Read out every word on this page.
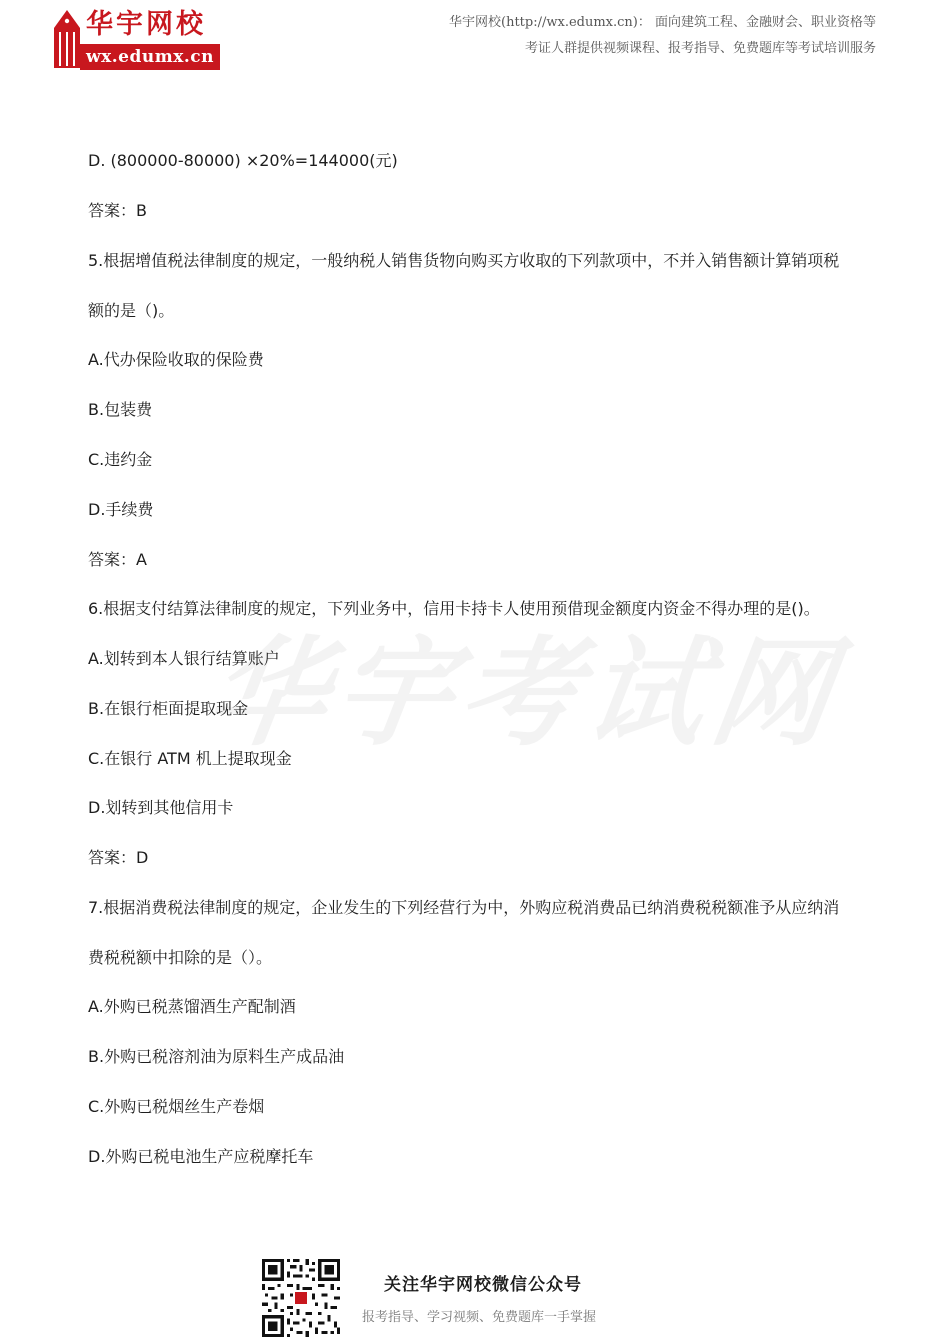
华宇网校
wx.edumx.cn
华宇网校(http://wx.edumx.cn)： 面向建筑工程、金融财会、职业资格等
考证人群提供视频课程、报考指导、免费题库等考试培训服务
D. (800000-80000) ×20%=144000(元)
答案：B
5.根据增值税法律制度的规定，一般纳税人销售货物向购买方收取的下列款项中，不并入销售额计算销项税
额的是（)。
A.代办保险收取的保险费
B.包装费
C.违约金
D.手续费
答案：A
6.根据支付结算法律制度的规定，下列业务中，信用卡持卡人使用预借现金额度内资金不得办理的是()。
A.划转到本人银行结算账户
B.在银行柜面提取现金
C.在银行 ATM 机上提取现金
D.划转到其他信用卡
答案：D
7.根据消费税法律制度的规定，企业发生的下列经营行为中，外购应税消费品已纳消费税税额准予从应纳消
费税税额中扣除的是（）。
A.外购已税蒸馏酒生产配制酒
B.外购已税溶剂油为原料生产成品油
C.外购已税烟丝生产卷烟
D.外购已税电池生产应税摩托车
关注华宇网校微信公众号
报考指导、学习视频、免费题库一手掌握
